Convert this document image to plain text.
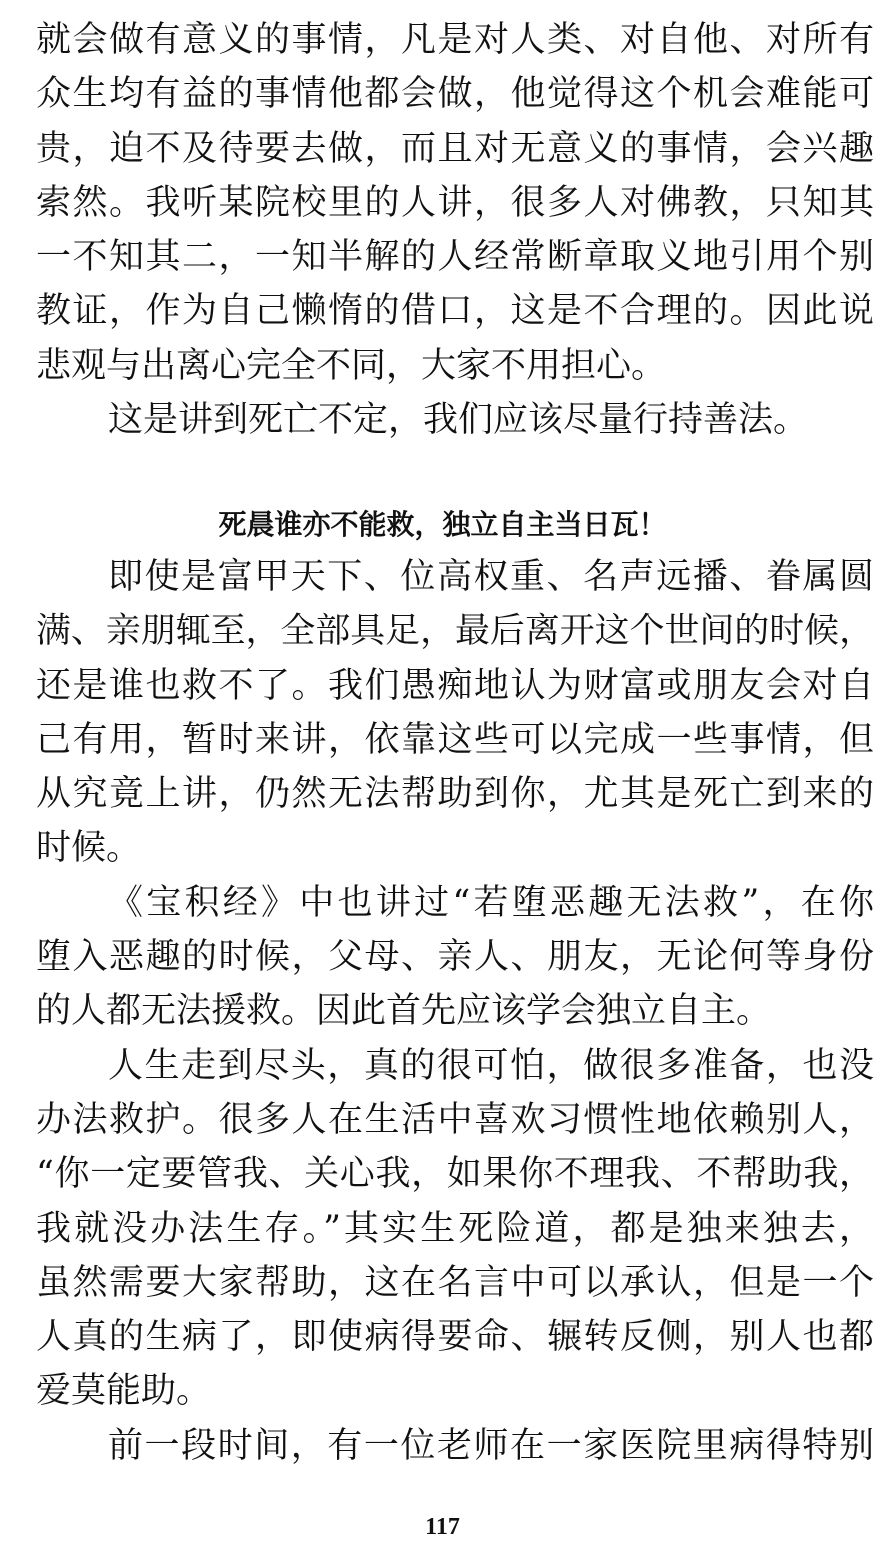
就会做有意义的事情，凡是对人类、对自他、对所有
众生均有益的事情他都会做，他觉得这个机会难能可
贵，迫不及待要去做，而且对无意义的事情，会兴趣
索然。我听某院校里的人讲，很多人对佛教，只知其
一不知其二，一知半解的人经常断章取义地引用个别
教证，作为自己懒惰的借口，这是不合理的。因此说
悲观与出离心完全不同，大家不用担心。
这是讲到死亡不定，我们应该尽量行持善法。
死晨谁亦不能救，独立自主当日瓦！
即使是富甲天下、位高权重、名声远播、眷属圆
满、亲朋辄至，全部具足，最后离开这个世间的时候，
还是谁也救不了。我们愚痴地认为财富或朋友会对自
己有用，暂时来讲，依靠这些可以完成一些事情，但
从究竟上讲，仍然无法帮助到你，尤其是死亡到来的
时候。
《宝积经》中也讲过“若堕恶趣无法救”，在你
堕入恶趣的时候，父母、亲人、朋友，无论何等身份
的人都无法援救。因此首先应该学会独立自主。
人生走到尽头，真的很可怕，做很多准备，也没
办法救护。很多人在生活中喜欢习惯性地依赖别人，
“你一定要管我、关心我，如果你不理我、不帮助我，
我就没办法生存。”其实生死险道，都是独来独去，
虽然需要大家帮助，这在名言中可以承认，但是一个
人真的生病了，即使病得要命、辗转反侧，别人也都
爱莫能助。
前一段时间，有一位老师在一家医院里病得特别
117
